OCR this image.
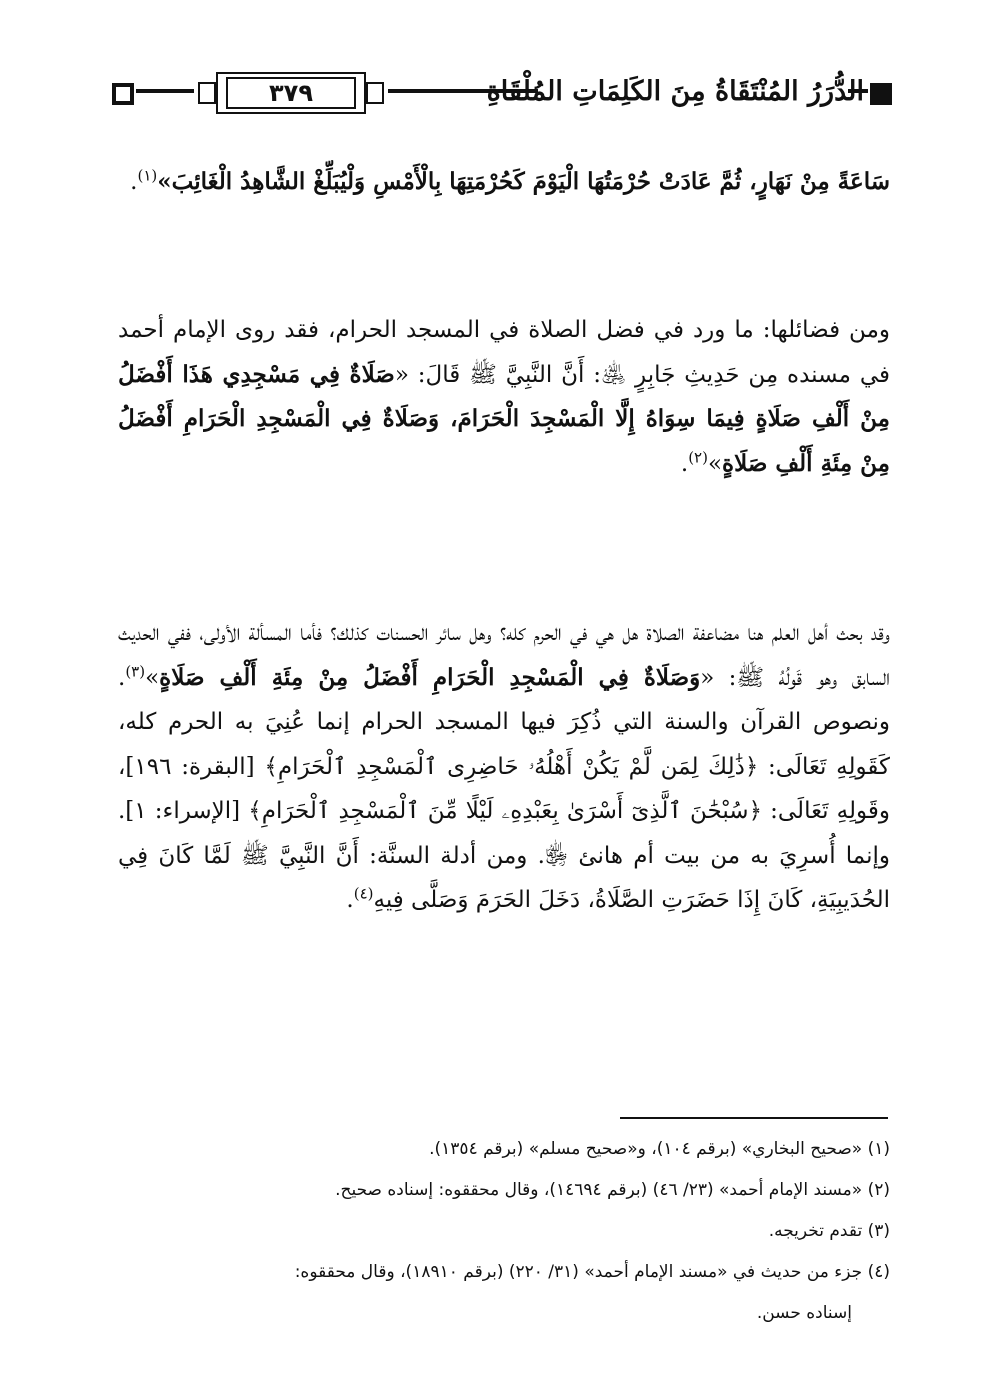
٣٧٩	الدُّرَرُ المُنْتَقَاةُ مِنَ الكَلِمَاتِ المُلْقَاةِ
سَاعَةً مِنْ نَهَارٍ، ثُمَّ عَادَتْ حُرْمَتُهَا الْيَوْمَ كَحُرْمَتِهَا بِالْأَمْسِ وَلْيُبَلِّغْ الشَّاهِدُ الْغَائِبَ»$^{(١)}$.
ومن فضائلها: ما ورد في فضل الصلاة في المسجد الحرام، فقد روى الإمام أحمد في مسنده مِن حَدِيثِ جَابِرٍ ﵁: أَنَّ النَّبِيَّ ﷺ قَالَ: «صَلَاةٌ فِي مَسْجِدِي هَذَا أَفْضَلُ مِنْ أَلْفِ صَلَاةٍ فِيمَا سِوَاهُ إِلَّا الْمَسْجِدَ الْحَرَامَ، وَصَلَاةٌ فِي الْمَسْجِدِ الْحَرَامِ أَفْضَلُ مِنْ مِئَةِ أَلْفِ صَلَاةٍ»$^{(٢)}$.
وقد بحث أهل العلم هنا مضاعفة الصلاة هل هي في الحرم كله؟ وهل سائر الحسنات كذلك؟ فأما المسألة الأولى، ففي الحديث السابق وهو قَولُهُ ﷺ: «وَصَلَاةٌ فِي الْمَسْجِدِ الْحَرَامِ أَفْضَلُ مِنْ مِئَةِ أَلْفِ صَلَاةٍ»$^{(٣)}$. ونصوص القرآن والسنة التي ذُكِرَ فيها المسجد الحرام إنما عُنِيَ به الحرم كله، كَقَولِهِ تَعَالَى: ﴿ذَٰلِكَ لِمَن لَّمْ يَكُنْ أَهْلُهُۥ حَاضِرِى ٱلْمَسْجِدِ ٱلْحَرَامِ﴾ [البقرة: ١٩٦]، وقَولِهِ تَعَالَى: ﴿سُبْحَٰنَ ٱلَّذِىٓ أَسْرَىٰ بِعَبْدِهِۦ لَيْلًا مِّنَ ٱلْمَسْجِدِ ٱلْحَرَامِ﴾ [الإسراء: ١]. وإنما أُسرِيَ به من بيت أم هانئ ﵂. ومن أدلة السنَّة: أَنَّ النَّبِيَّ ﷺ لَمَّا كَانَ فِي الحُدَيبِيَةِ، كَانَ إِذَا حَضَرَتِ الصَّلَاةُ، دَخَلَ الحَرَمَ وَصَلَّى فِيهِ$^{(٤)}$.
(١) «صحيح البخاري» (برقم ١٠٤)، و«صحيح مسلم» (برقم ١٣٥٤).
(٢) «مسند الإمام أحمد» (٢٣/ ٤٦) (برقم ١٤٦٩٤)، وقال محققوه: إسناده صحيح.
(٣) تقدم تخريجه.
(٤) جزء من حديث في «مسند الإمام أحمد» (٣١/ ٢٢٠) (برقم ١٨٩١٠)، وقال محققوه:
إسناده حسن.
